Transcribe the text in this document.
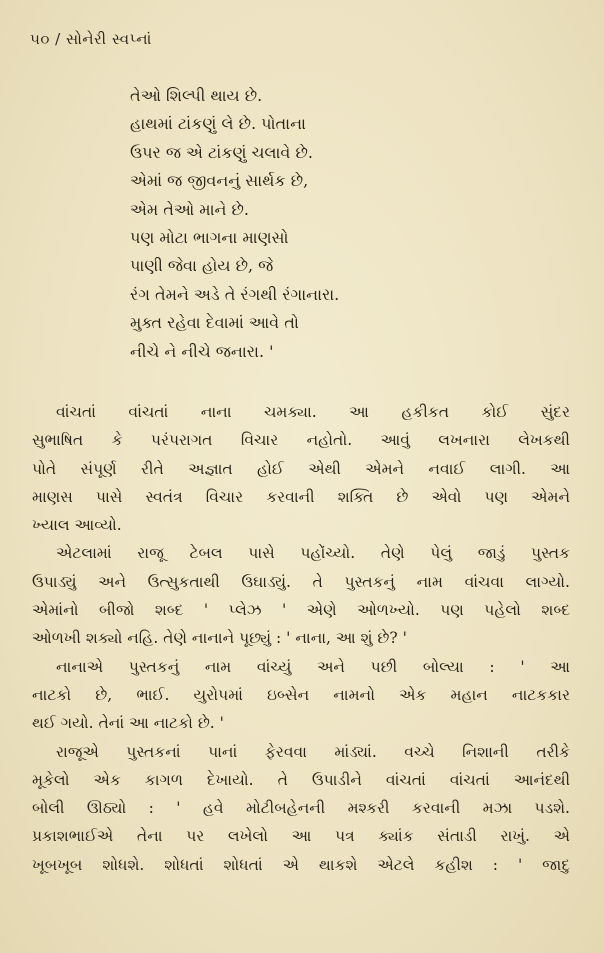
૫૦ / સોનેરી સ્વપ્નાં
તેઓ શિલ્પી થાય છે.
હાથમાં ટાંકણું લે છે. પોતાના
ઉપર જ એ ટાંકણું ચલાવે છે.
એમાં જ જીવનનું સાર્થક છે,
એમ તેઓ માને છે.
પણ મોટા ભાગના માણસો
પાણી જેવા હોય છે, જે
રંગ તેમને અડે તે રંગથી રંગાનારા.
મુક્ત રહેવા દેવામાં આવે તો
નીચે ને નીચે જનારા. '
વાંચતાં વાંચતાં નાના ચમક્યા. આ હકીકત કોઈ સુંદર
સુભાષિત કે પરંપરાગત વિચાર નહોતો. આવું લખનારા લેખકથી
પોતે સંપૂર્ણ રીતે અજ્ઞાત હોઈ એથી એમને નવાઈ લાગી. આ
માણસ પાસે સ્વતંત્ર વિચાર કરવાની શક્તિ છે એવો પણ એમને
ખ્યાલ આવ્યો.
એટલામાં રાજૂ ટેબલ પાસે પહોંચ્યો. તેણે પેલું જાડું પુસ્તક
ઉપાડ્યું અને ઉત્સુકતાથી ઉઘાડ્યું. તે પુસ્તકનું નામ વાંચવા લાગ્યો.
એમાંનો બીજો શબ્દ ' પ્લેઝ ' એણે ઓળખ્યો. પણ પહેલો શબ્દ
ઓળખી શક્યો નહિ. તેણે નાનાને પૂછ્યું : ' નાના, આ શું છે? '
નાનાએ પુસ્તકનું નામ વાંચ્યું અને પછી બોલ્યા : ' આ
નાટકો છે, ભાઈ. યુરોપમાં ઇબ્સેન નામનો એક મહાન નાટકકાર
થઈ ગયો. તેનાં આ નાટકો છે. '
રાજૂએ પુસ્તકનાં પાનાં ફેરવવા માંડ્યાં. વચ્ચે નિશાની તરીકે
મૂકેલો એક કાગળ દેખાયો. તે ઉપાડીને વાંચતાં વાંચતાં આનંદથી
બોલી ઊઠ્યો : ' હવે મોટીબહેનની મશ્કરી કરવાની મઝા પડશે.
પ્રકાશભાઈએ તેના પર લખેલો આ પત્ર ક્યાંક સંતાડી રાખું. એ
ખૂબખૂબ શોધશે. શોધતાં શોધતાં એ થાકશે એટલે કહીશ : ' જાદુ
